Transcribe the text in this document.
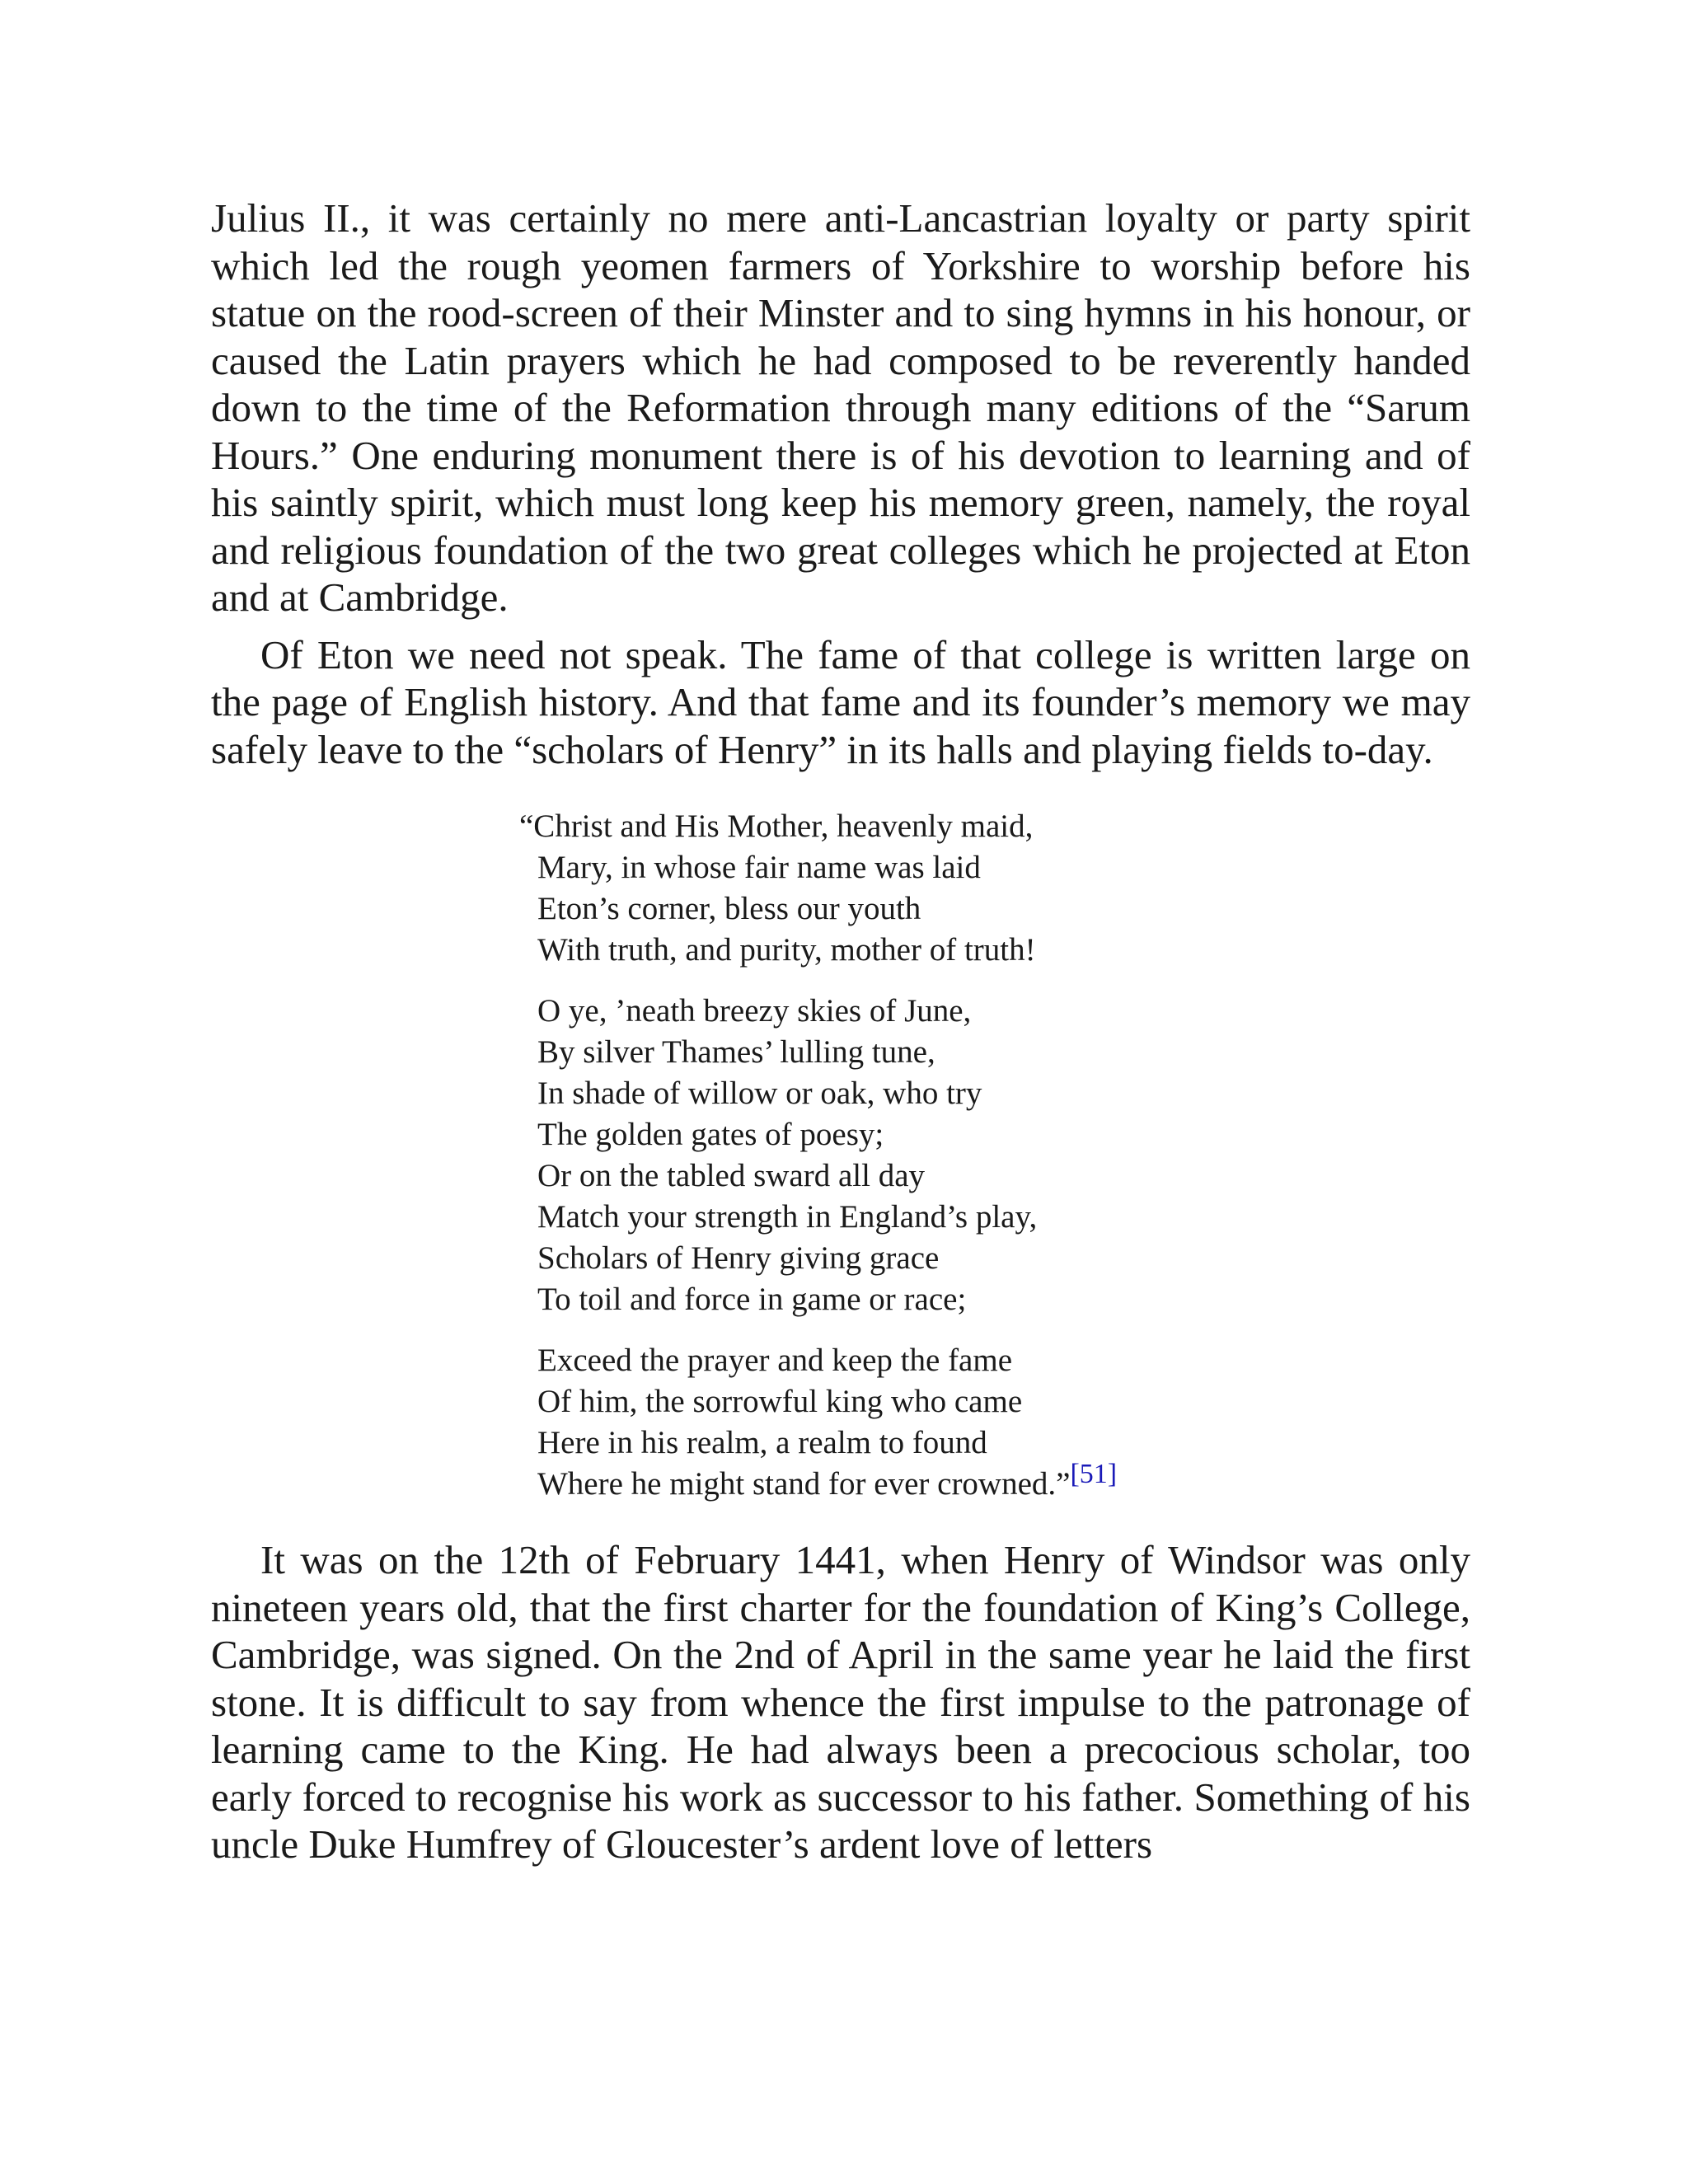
Julius II., it was certainly no mere anti-Lancastrian loyalty or party spirit which led the rough yeomen farmers of Yorkshire to worship before his statue on the rood-screen of their Minster and to sing hymns in his honour, or caused the Latin prayers which he had composed to be reverently handed down to the time of the Reformation through many editions of the “Sarum Hours.” One enduring monument there is of his devotion to learning and of his saintly spirit, which must long keep his memory green, namely, the royal and religious foundation of the two great colleges which he projected at Eton and at Cambridge.

Of Eton we need not speak. The fame of that college is written large on the page of English history. And that fame and its founder’s memory we may safely leave to the “scholars of Henry” in its halls and playing fields to-day.

“Christ and His Mother, heavenly maid,
Mary, in whose fair name was laid
Eton’s corner, bless our youth
With truth, and purity, mother of truth!
O ye, ’neath breezy skies of June,
By silver Thames’ lulling tune,
In shade of willow or oak, who try
The golden gates of poesy;
Or on the tabled sward all day
Match your strength in England’s play,
Scholars of Henry giving grace
To toil and force in game or race;
Exceed the prayer and keep the fame
Of him, the sorrowful king who came
Here in his realm, a realm to found
Where he might stand for ever crowned.”[51]

It was on the 12th of February 1441, when Henry of Windsor was only nineteen years old, that the first charter for the foundation of King’s College, Cambridge, was signed. On the 2nd of April in the same year he laid the first stone. It is difficult to say from whence the first impulse to the patronage of learning came to the King. He had always been a precocious scholar, too early forced to recognise his work as successor to his father. Something of his uncle Duke Humfrey of Gloucester’s ardent love of letters
